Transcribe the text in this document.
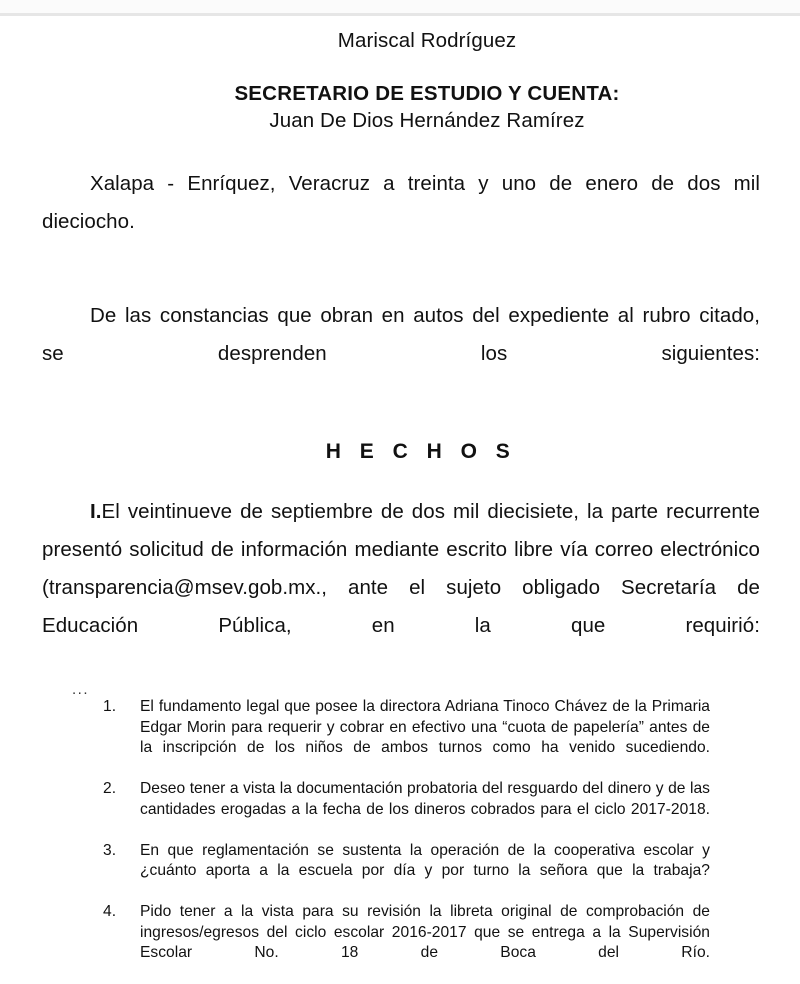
Mariscal Rodríguez
SECRETARIO DE ESTUDIO Y CUENTA:
Juan De Dios Hernández Ramírez

Xalapa - Enríquez, Veracruz a treinta y uno de enero de dos mil dieciocho.

De las constancias que obran en autos del expediente al rubro citado, se desprenden los siguientes:

H E C H O S

I.El veintinueve de septiembre de dos mil diecisiete, la parte recurrente presentó solicitud de información mediante escrito libre vía correo electrónico (transparencia@msev.gob.mx., ante el sujeto obligado Secretaría de Educación Pública, en la que requirió:

...
1.	El fundamento legal que posee la directora Adriana Tinoco Chávez de la Primaria Edgar Morin para requerir y cobrar en efectivo una “cuota de papelería” antes de la inscripción de los niños de ambos turnos como ha venido sucediendo.
2.	Deseo tener a vista la documentación probatoria del resguardo del dinero y de las cantidades erogadas a la fecha de los dineros cobrados para el ciclo 2017-2018.
3.	En que reglamentación se sustenta la operación de la cooperativa escolar y ¿cuánto aporta a la escuela por día y por turno la señora que la trabaja?
4.	Pido tener a la vista para su revisión la libreta original de comprobación de ingresos/egresos del ciclo escolar 2016-2017 que se entrega a la Supervisión Escolar No. 18 de Boca del Río.
